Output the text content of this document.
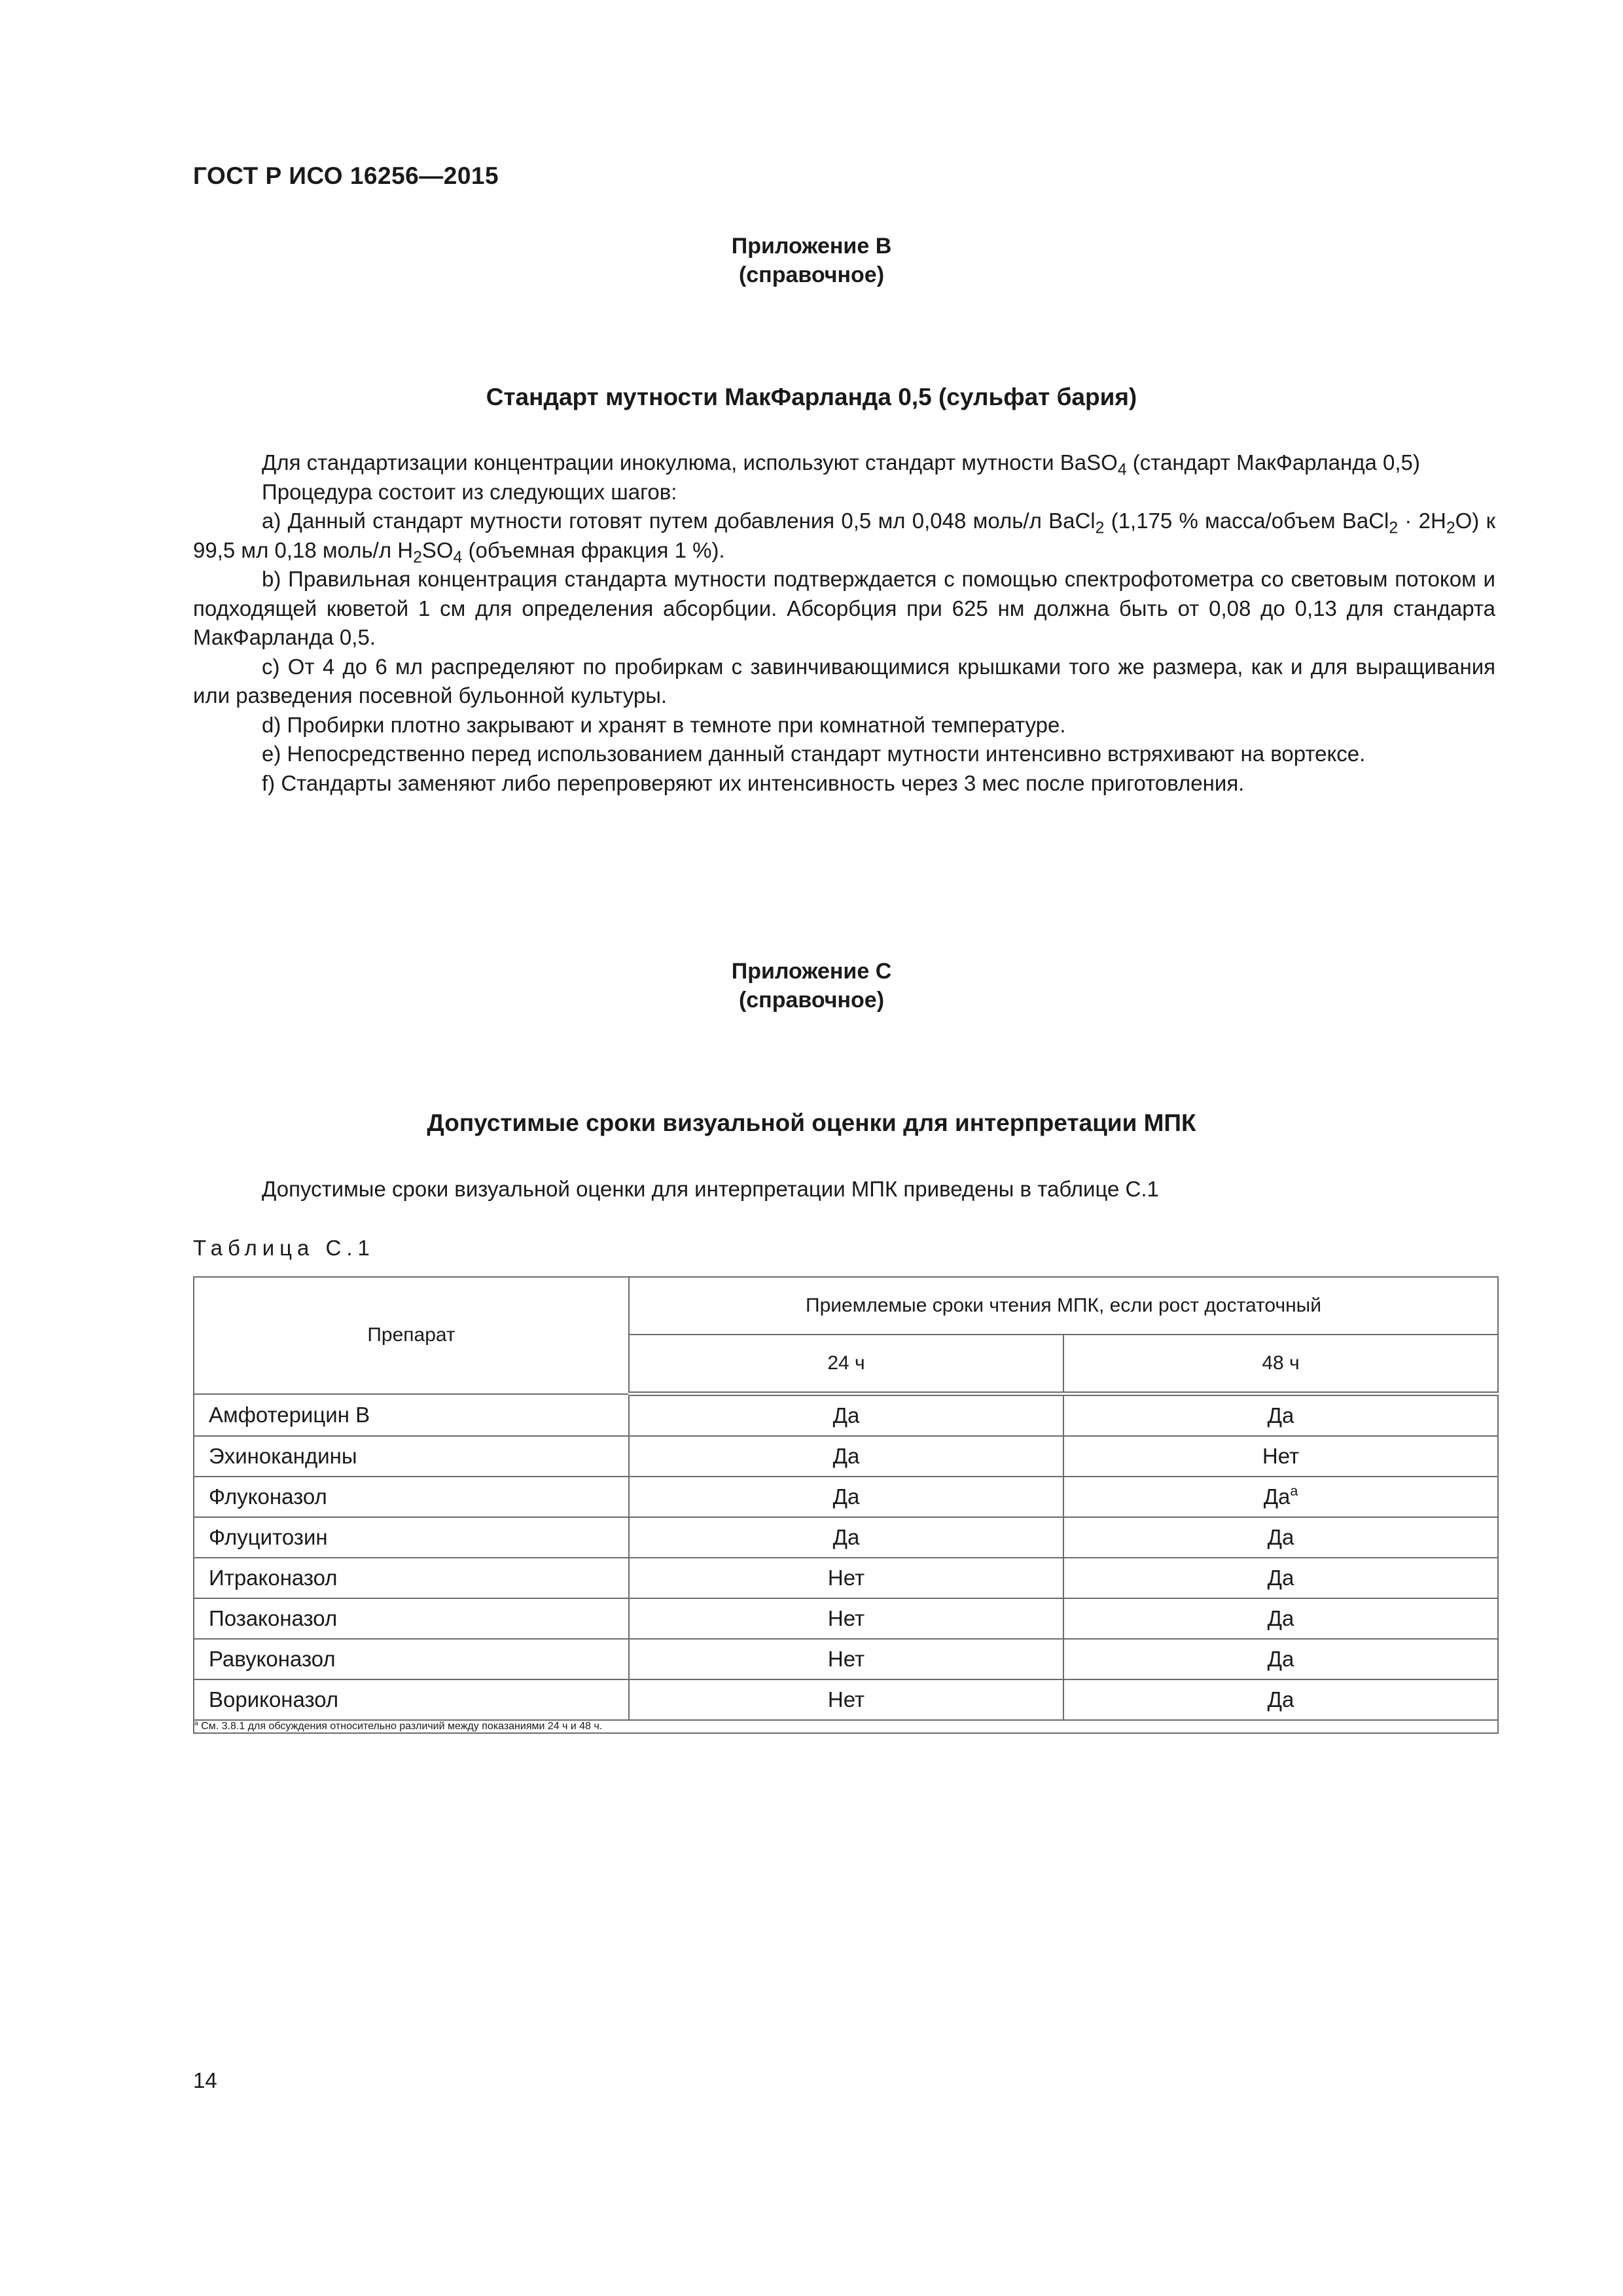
ГОСТ Р ИСО 16256—2015
Приложение В
(справочное)
Стандарт мутности МакФарланда 0,5 (сульфат бария)

Для стандартизации концентрации инокулюма, используют стандарт мутности BaSO$_4$ (стандарт МакФарланда 0,5)

Процедура состоит из следующих шагов:

a) Данный стандарт мутности готовят путем добавления 0,5 мл 0,048 моль/л BaCl$_2$ (1,175 % масса/объем BaCl$_2$ · $2H_2O$) к 99,5 мл 0,18 моль/л $H_2SO_4$ (объемная фракция 1 %).

b) Правильная концентрация стандарта мутности подтверждается с помощью спектрофотометра со световым потоком и подходящей кюветой 1 см для определения абсорбции. Абсорбция при 625 нм должна быть от 0,08 до 0,13 для стандарта МакФарланда 0,5.

c) От 4 до 6 мл распределяют по пробиркам с завинчивающимися крышками того же размера, как и для выращивания или разведения посевной бульонной культуры.

d) Пробирки плотно закрывают и хранят в темноте при комнатной температуре.

e) Непосредственно перед использованием данный стандарт мутности интенсивно встряхивают на вортексе.

f) Стандарты заменяют либо перепроверяют их интенсивность через 3 мес после приготовления.

Приложение С
(справочное)
Допустимые сроки визуальной оценки для интерпретации МПК

Допустимые сроки визуальной оценки для интерпретации МПК приведены в таблице С.1

Таблица С.1
Препарат	Приемлемые сроки чтения МПК, если рост достаточный	
	24 ч	48 ч
Амфотерицин В	Да	Да
Эхинокандины	Да	Нет
Флуконазол	Да	$Да^а$
Флуцитозин	Да	Да
Итраконазол	Нет	Да
Позаконазол	Нет	Да
Равуконазол	Нет	Да
Вориконазол	Нет	Да
$^а$ См. 3.8.1 для обсуждения относительно различий между показаниями 24 ч и 48 ч.		
14
